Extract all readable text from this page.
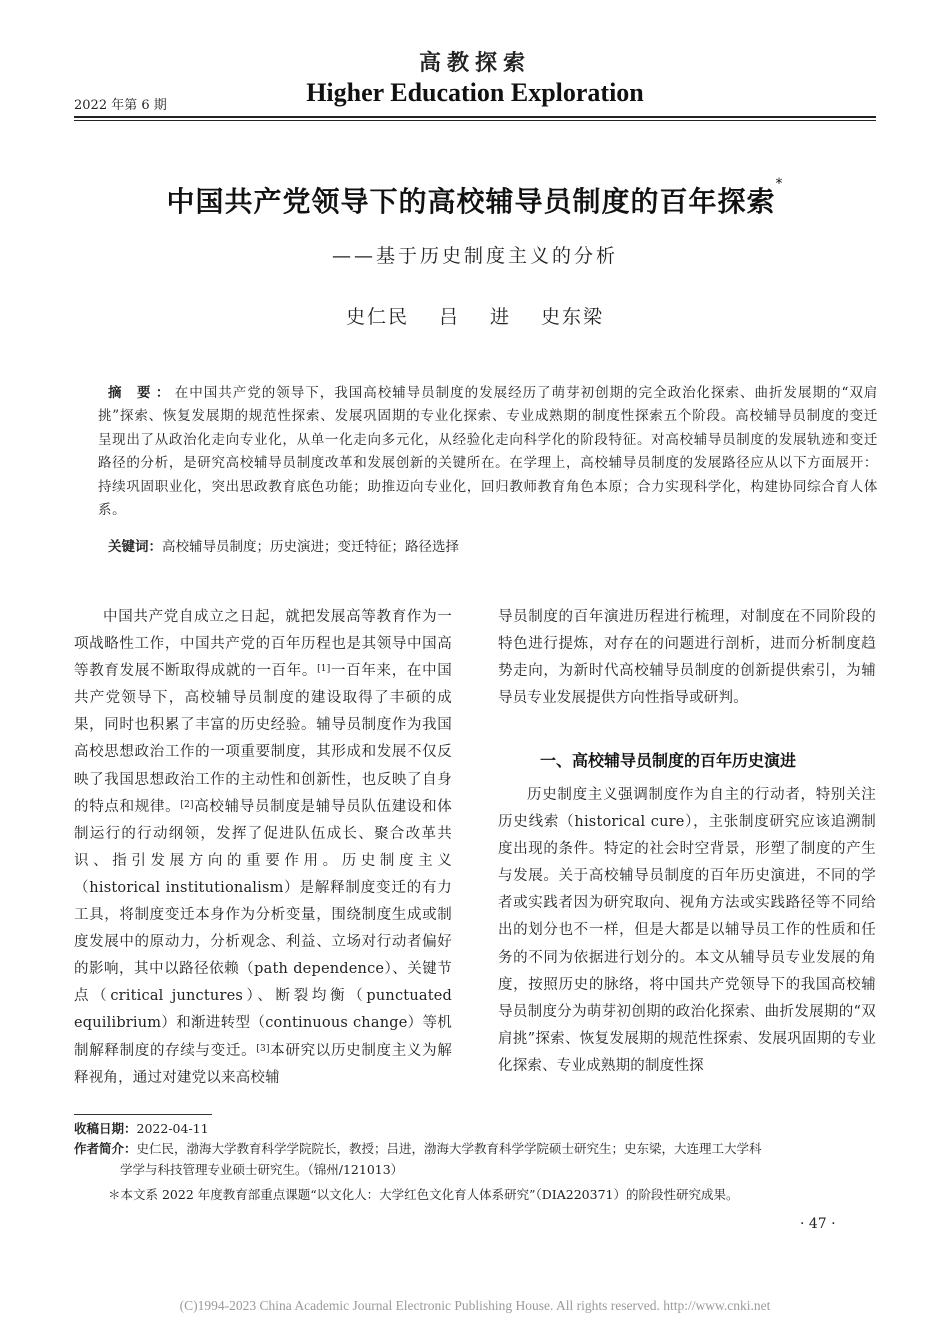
高教探索
Higher Education Exploration
2022 年第 6 期
中国共产党领导下的高校辅导员制度的百年探索*
——基于历史制度主义的分析
史仁民 吕 进 史东梁
摘 要：在中国共产党的领导下，我国高校辅导员制度的发展经历了萌芽初创期的完全政治化探索、曲折发展期的“双肩挑”探索、恢复发展期的规范性探索、发展巩固期的专业化探索、专业成熟期的制度性探索五个阶段。高校辅导员制度的变迁呈现出了从政治化走向专业化，从单一化走向多元化，从经验化走向科学化的阶段特征。对高校辅导员制度的发展轨迹和变迁路径的分析，是研究高校辅导员制度改革和发展创新的关键所在。在学理上，高校辅导员制度的发展路径应从以下方面展开：持续巩固职业化，突出思政教育底色功能；助推迈向专业化，回归教师教育角色本原；合力实现科学化，构建协同综合育人体系。
关键词：高校辅导员制度；历史演进；变迁特征；路径选择

中国共产党自成立之日起，就把发展高等教育作为一项战略性工作，中国共产党的百年历程也是其领导中国高等教育发展不断取得成就的一百年。[1]一百年来，在中国共产党领导下，高校辅导员制度的建设取得了丰硕的成果，同时也积累了丰富的历史经验。辅导员制度作为我国高校思想政治工作的一项重要制度，其形成和发展不仅反映了我国思想政治工作的主动性和创新性，也反映了自身的特点和规律。[2]高校辅导员制度是辅导员队伍建设和体制运行的行动纲领，发挥了促进队伍成长、聚合改革共识、指引发展方向的重要作用。历史制度主义（historical institutionalism）是解释制度变迁的有力工具，将制度变迁本身作为分析变量，围绕制度生成或制度发展中的原动力，分析观念、利益、立场对行动者偏好的影响，其中以路径依赖（path dependence）、关键节点（critical junctures）、断裂均衡（punctuated equilibrium）和渐进转型（continuous change）等机制解释制度的存续与变迁。[3]本研究以历史制度主义为解释视角，通过对建党以来高校辅

导员制度的百年演进历程进行梳理，对制度在不同阶段的特色进行提炼，对存在的问题进行剖析，进而分析制度趋势走向，为新时代高校辅导员制度的创新提供索引，为辅导员专业发展提供方向性指导或研判。

一、高校辅导员制度的百年历史演进

历史制度主义强调制度作为自主的行动者，特别关注历史线索（historical cure），主张制度研究应该追溯制度出现的条件。特定的社会时空背景，形塑了制度的产生与发展。关于高校辅导员制度的百年历史演进，不同的学者或实践者因为研究取向、视角方法或实践路径等不同给出的划分也不一样，但是大都是以辅导员工作的性质和任务的不同为依据进行划分的。本文从辅导员专业发展的角度，按照历史的脉络，将中国共产党领导下的我国高校辅导员制度分为萌芽初创期的政治化探索、曲折发展期的“双肩挑”探索、恢复发展期的规范性探索、发展巩固期的专业化探索、专业成熟期的制度性探

收稿日期：2022-04-11
作者简介：史仁民，渤海大学教育科学学院院长，教授；吕进，渤海大学教育科学学院硕士研究生；史东梁，大连理工大学科
学学与科技管理专业硕士研究生。（锦州/121013）
＊本文系 2022 年度教育部重点课题“以文化人：大学红色文化育人体系研究”（DIA220371）的阶段性研究成果。
· 47 ·
(C)1994-2023 China Academic Journal Electronic Publishing House. All rights reserved. http://www.cnki.net
